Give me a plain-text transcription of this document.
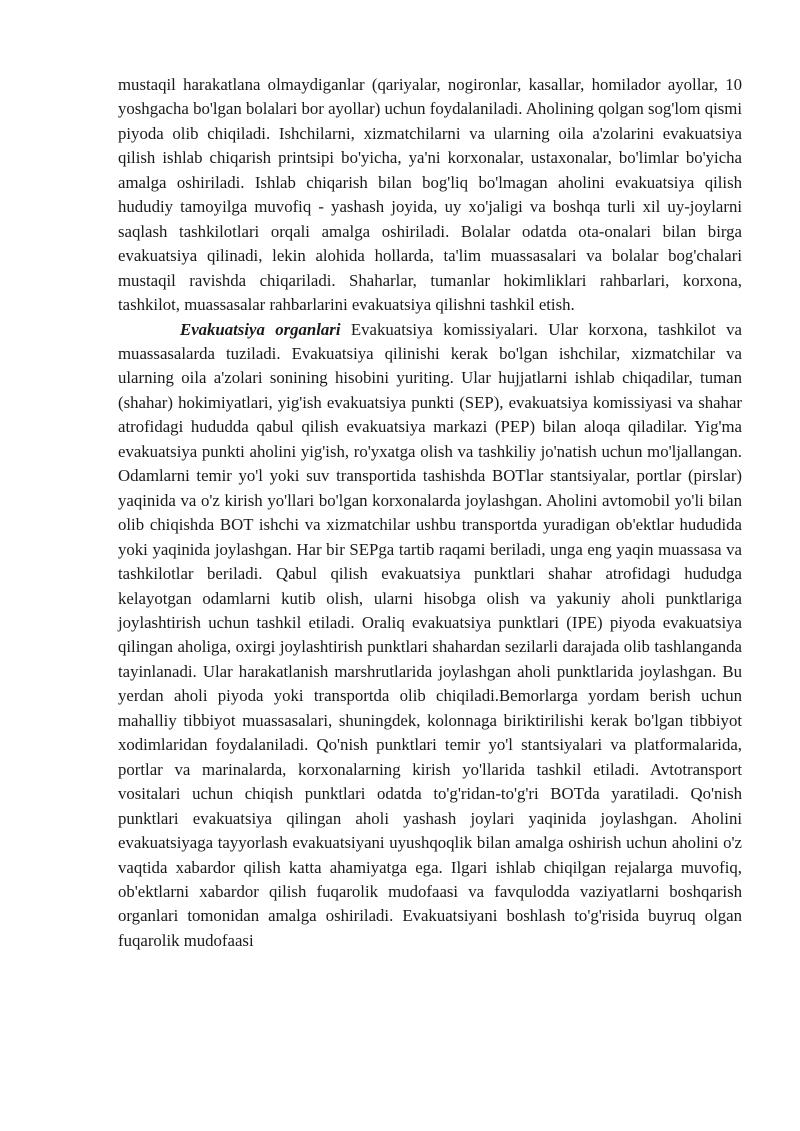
mustaqil harakatlana olmaydiganlar (qariyalar, nogironlar, kasallar, homilador ayollar, 10 yoshgacha bo'lgan bolalari bor ayollar) uchun foydalaniladi. Aholining qolgan sog'lom qismi piyoda olib chiqiladi. Ishchilarni, xizmatchilarni va ularning oila a'zolarini evakuatsiya qilish ishlab chiqarish printsipi bo'yicha, ya'ni korxonalar, ustaxonalar, bo'limlar bo'yicha amalga oshiriladi. Ishlab chiqarish bilan bog'liq bo'lmagan aholini evakuatsiya qilish hududiy tamoyilga muvofiq - yashash joyida, uy xo'jaligi va boshqa turli xil uy-joylarni saqlash tashkilotlari orqali amalga oshiriladi. Bolalar odatda ota-onalari bilan birga evakuatsiya qilinadi, lekin alohida hollarda, ta'lim muassasalari va bolalar bog'chalari mustaqil ravishda chiqariladi. Shaharlar, tumanlar hokimliklari rahbarlari, korxona, tashkilot, muassasalar rahbarlarini evakuatsiya qilishni tashkil etish.

Evakuatsiya organlari Evakuatsiya komissiyalari. Ular korxona, tashkilot va muassasalarda tuziladi. Evakuatsiya qilinishi kerak bo'lgan ishchilar, xizmatchilar va ularning oila a'zolari sonining hisobini yuriting. Ular hujjatlarni ishlab chiqadilar, tuman (shahar) hokimiyatlari, yig'ish evakuatsiya punkti (SEP), evakuatsiya komissiyasi va shahar atrofidagi hududda qabul qilish evakuatsiya markazi (PEP) bilan aloqa qiladilar. Yig'ma evakuatsiya punkti aholini yig'ish, ro'yxatga olish va tashkiliy jo'natish uchun mo'ljallangan. Odamlarni temir yo'l yoki suv transportida tashishda BOTlar stantsiyalar, portlar (pirslar) yaqinida va o'z kirish yo'llari bo'lgan korxonalarda joylashgan. Aholini avtomobil yo'li bilan olib chiqishda BOT ishchi va xizmatchilar ushbu transportda yuradigan ob'ektlar hududida yoki yaqinida joylashgan. Har bir SEPga tartib raqami beriladi, unga eng yaqin muassasa va tashkilotlar beriladi. Qabul qilish evakuatsiya punktlari shahar atrofidagi hududga kelayotgan odamlarni kutib olish, ularni hisobga olish va yakuniy aholi punktlariga joylashtirish uchun tashkil etiladi. Oraliq evakuatsiya punktlari (IPE) piyoda evakuatsiya qilingan aholiga, oxirgi joylashtirish punktlari shahardan sezilarli darajada olib tashlanganda tayinlanadi. Ular harakatlanish marshrutlarida joylashgan aholi punktlarida joylashgan. Bu yerdan aholi piyoda yoki transportda olib chiqiladi.Bemorlarga yordam berish uchun mahalliy tibbiyot muassasalari, shuningdek, kolonnaga biriktirilishi kerak bo'lgan tibbiyot xodimlaridan foydalaniladi. Qo'nish punktlari temir yo'l stantsiyalari va platformalarida, portlar va marinalarda, korxonalarning kirish yo'llarida tashkil etiladi. Avtotransport vositalari uchun chiqish punktlari odatda to'g'ridan-to'g'ri BOTda yaratiladi. Qo'nish punktlari evakuatsiya qilingan aholi yashash joylari yaqinida joylashgan. Aholini evakuatsiyaga tayyorlash evakuatsiyani uyushqoqlik bilan amalga oshirish uchun aholini o'z vaqtida xabardor qilish katta ahamiyatga ega. Ilgari ishlab chiqilgan rejalarga muvofiq, ob'ektlarni xabardor qilish fuqarolik mudofaasi va favqulodda vaziyatlarni boshqarish organlari tomonidan amalga oshiriladi. Evakuatsiyani boshlash to'g'risida buyruq olgan fuqarolik mudofaasi
